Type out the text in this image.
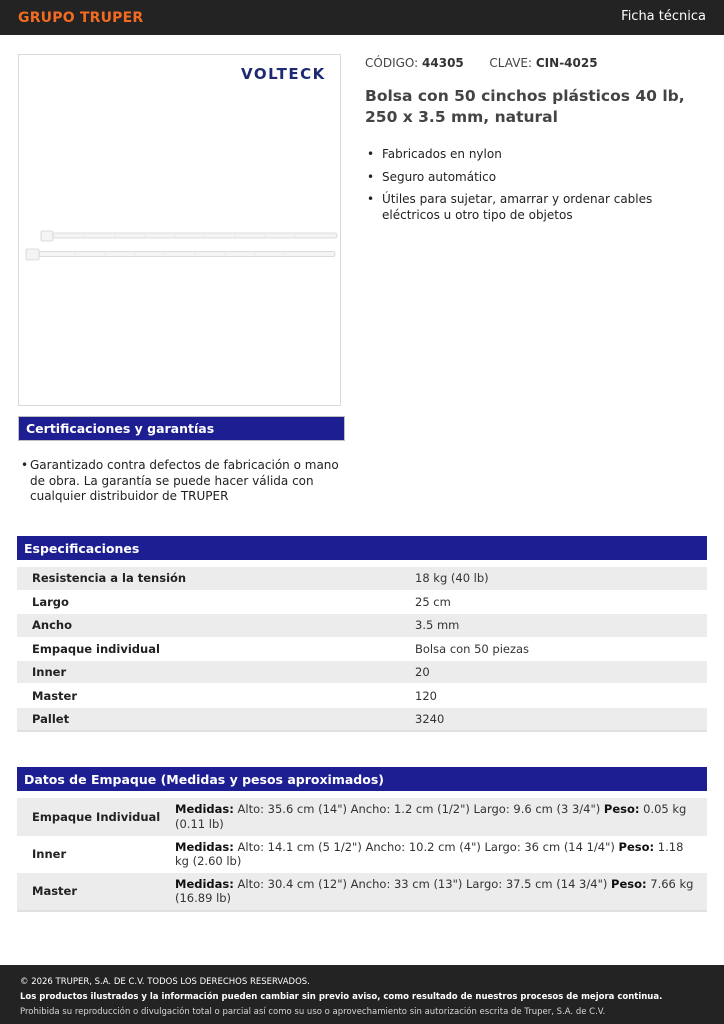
GRUPO TRUPER	Ficha técnica
VOLTECK
CÓDIGO: 44305 CLAVE: CIN-4025
Bolsa con 50 cinchos plásticos 40 lb, 250 x 3.5 mm, natural
• Fabricados en nylon
• Seguro automático
• Útiles para sujetar, amarrar y ordenar cables eléctricos u otro tipo de objetos
Certificaciones y garantías
• Garantizado contra defectos de fabricación o mano de obra. La garantía se puede hacer válida con cualquier distribuidor de TRUPER
Especificaciones
Resistencia a la tensión	18 kg (40 lb)
Largo	25 cm
Ancho	3.5 mm
Empaque individual	Bolsa con 50 piezas
Inner	20
Master	120
Pallet	3240
Datos de Empaque (Medidas y pesos aproximados)
Empaque Individual	Medidas: Alto: 35.6 cm (14") Ancho: 1.2 cm (1/2") Largo: 9.6 cm (3 3/4") Peso: 0.05 kg (0.11 lb)
Inner	Medidas: Alto: 14.1 cm (5 1/2") Ancho: 10.2 cm (4") Largo: 36 cm (14 1/4") Peso: 1.18 kg (2.60 lb)
Master	Medidas: Alto: 30.4 cm (12") Ancho: 33 cm (13") Largo: 37.5 cm (14 3/4") Peso: 7.66 kg (16.89 lb)
© 2026 TRUPER, S.A. DE C.V. TODOS LOS DERECHOS RESERVADOS.
Los productos ilustrados y la información pueden cambiar sin previo aviso, como resultado de nuestros procesos de mejora continua.
Prohibida su reproducción o divulgación total o parcial así como su uso o aprovechamiento sin autorización escrita de Truper, S.A. de C.V.
